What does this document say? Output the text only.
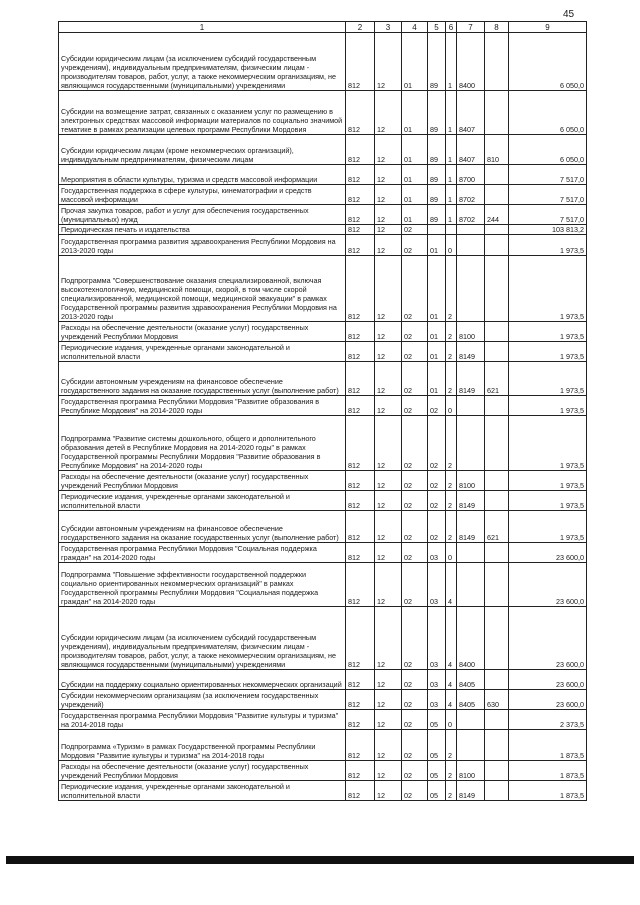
45
1	2	3	4	5	6	7	8	9
Субсидии юридическим лицам (за исключением субсидий государственным учреждениям), индивидуальным предпринимателям, физическим лицам - производителям товаров, работ, услуг, а также некоммерческим организациям, не являющимся государственными (муниципальными) учреждениями	812	12	01	89	1	8400		6 050,0
Субсидии на возмещение затрат, связанных с оказанием услуг по размещению в электронных средствах массовой информации материалов по социально значимой тематике в рамках реализации целевых программ Республики Мордовия	812	12	01	89	1	8407		6 050,0
Субсидии юридическим лицам (кроме некоммерческих организаций), индивидуальным предпринимателям, физическим лицам	812	12	01	89	1	8407	810	6 050,0
Мероприятия в области культуры, туризма и средств массовой информации	812	12	01	89	1	8700		7 517,0
Государственная поддержка в сфере культуры, кинематографии и средств массовой информации	812	12	01	89	1	8702		7 517,0
Прочая закупка товаров, работ и услуг для обеспечения государственных (муниципальных) нужд	812	12	01	89	1	8702	244	7 517,0
Периодическая печать и издательства	812	12	02					103 813,2
Государственная программа развития здравоохранения Республики Мордовия на 2013-2020 годы	812	12	02	01	0			1 973,5
Подпрограмма "Совершенствование оказания специализированной, включая высокотехнологичную, медицинской помощи, скорой, в том числе скорой специализированной, медицинской помощи, медицинской эвакуации" в рамках Государственной программы развития здравоохранения Республики Мордовия на 2013-2020 годы	812	12	02	01	2			1 973,5
Расходы на обеспечение деятельности (оказание услуг) государственных учреждений Республики Мордовия	812	12	02	01	2	8100		1 973,5
Периодические издания, учрежденные органами законодательной и исполнительной власти	812	12	02	01	2	8149		1 973,5
Субсидии автономным учреждениям на финансовое обеспечение государственного задания на оказание государственных услуг (выполнение работ)	812	12	02	01	2	8149	621	1 973,5
Государственная программа Республики Мордовия "Развитие образования в Республике Мордовия" на 2014-2020 годы	812	12	02	02	0			1 973,5
Подпрограмма "Развитие системы дошкольного, общего и дополнительного образования детей в Республике Мордовия на 2014-2020 годы" в рамках Государственной программы Республики Мордовия "Развитие образования в Республике Мордовия" на 2014-2020 годы	812	12	02	02	2			1 973,5
Расходы на обеспечение деятельности (оказание услуг) государственных учреждений Республики Мордовия	812	12	02	02	2	8100		1 973,5
Периодические издания, учрежденные органами законодательной и исполнительной власти	812	12	02	02	2	8149		1 973,5
Субсидии автономным учреждениям на финансовое обеспечение государственного задания на оказание государственных услуг (выполнение работ)	812	12	02	02	2	8149	621	1 973,5
Государственная программа Республики Мордовия "Социальная поддержка граждан" на 2014-2020 годы	812	12	02	03	0			23 600,0
Подпрограмма "Повышение эффективности государственной поддержки социально ориентированных некоммерческих организаций" в рамках Государственной программы Республики Мордовия "Социальная поддержка граждан" на 2014-2020 годы	812	12	02	03	4			23 600,0
Субсидии юридическим лицам (за исключением субсидий государственным учреждениям), индивидуальным предпринимателям, физическим лицам - производителям товаров, работ, услуг, а также некоммерческим организациям, не являющимся государственными (муниципальными) учреждениями	812	12	02	03	4	8400		23 600,0
Субсидии на поддержку социально ориентированных некоммерческих организаций	812	12	02	03	4	8405		23 600,0
Субсидии некоммерческим организациям (за исключением государственных учреждений)	812	12	02	03	4	8405	630	23 600,0
Государственная программа Республики Мордовия "Развитие культуры и туризма" на 2014-2018 годы	812	12	02	05	0			2 373,5
Подпрограмма «Туризм» в рамках Государственной программы Республики Мордовия "Развитие культуры и туризма" на 2014-2018 годы	812	12	02	05	2			1 873,5
Расходы на обеспечение деятельности (оказание услуг) государственных учреждений Республики Мордовия	812	12	02	05	2	8100		1 873,5
Периодические издания, учрежденные органами законодательной и исполнительной власти	812	12	02	05	2	8149		1 873,5
